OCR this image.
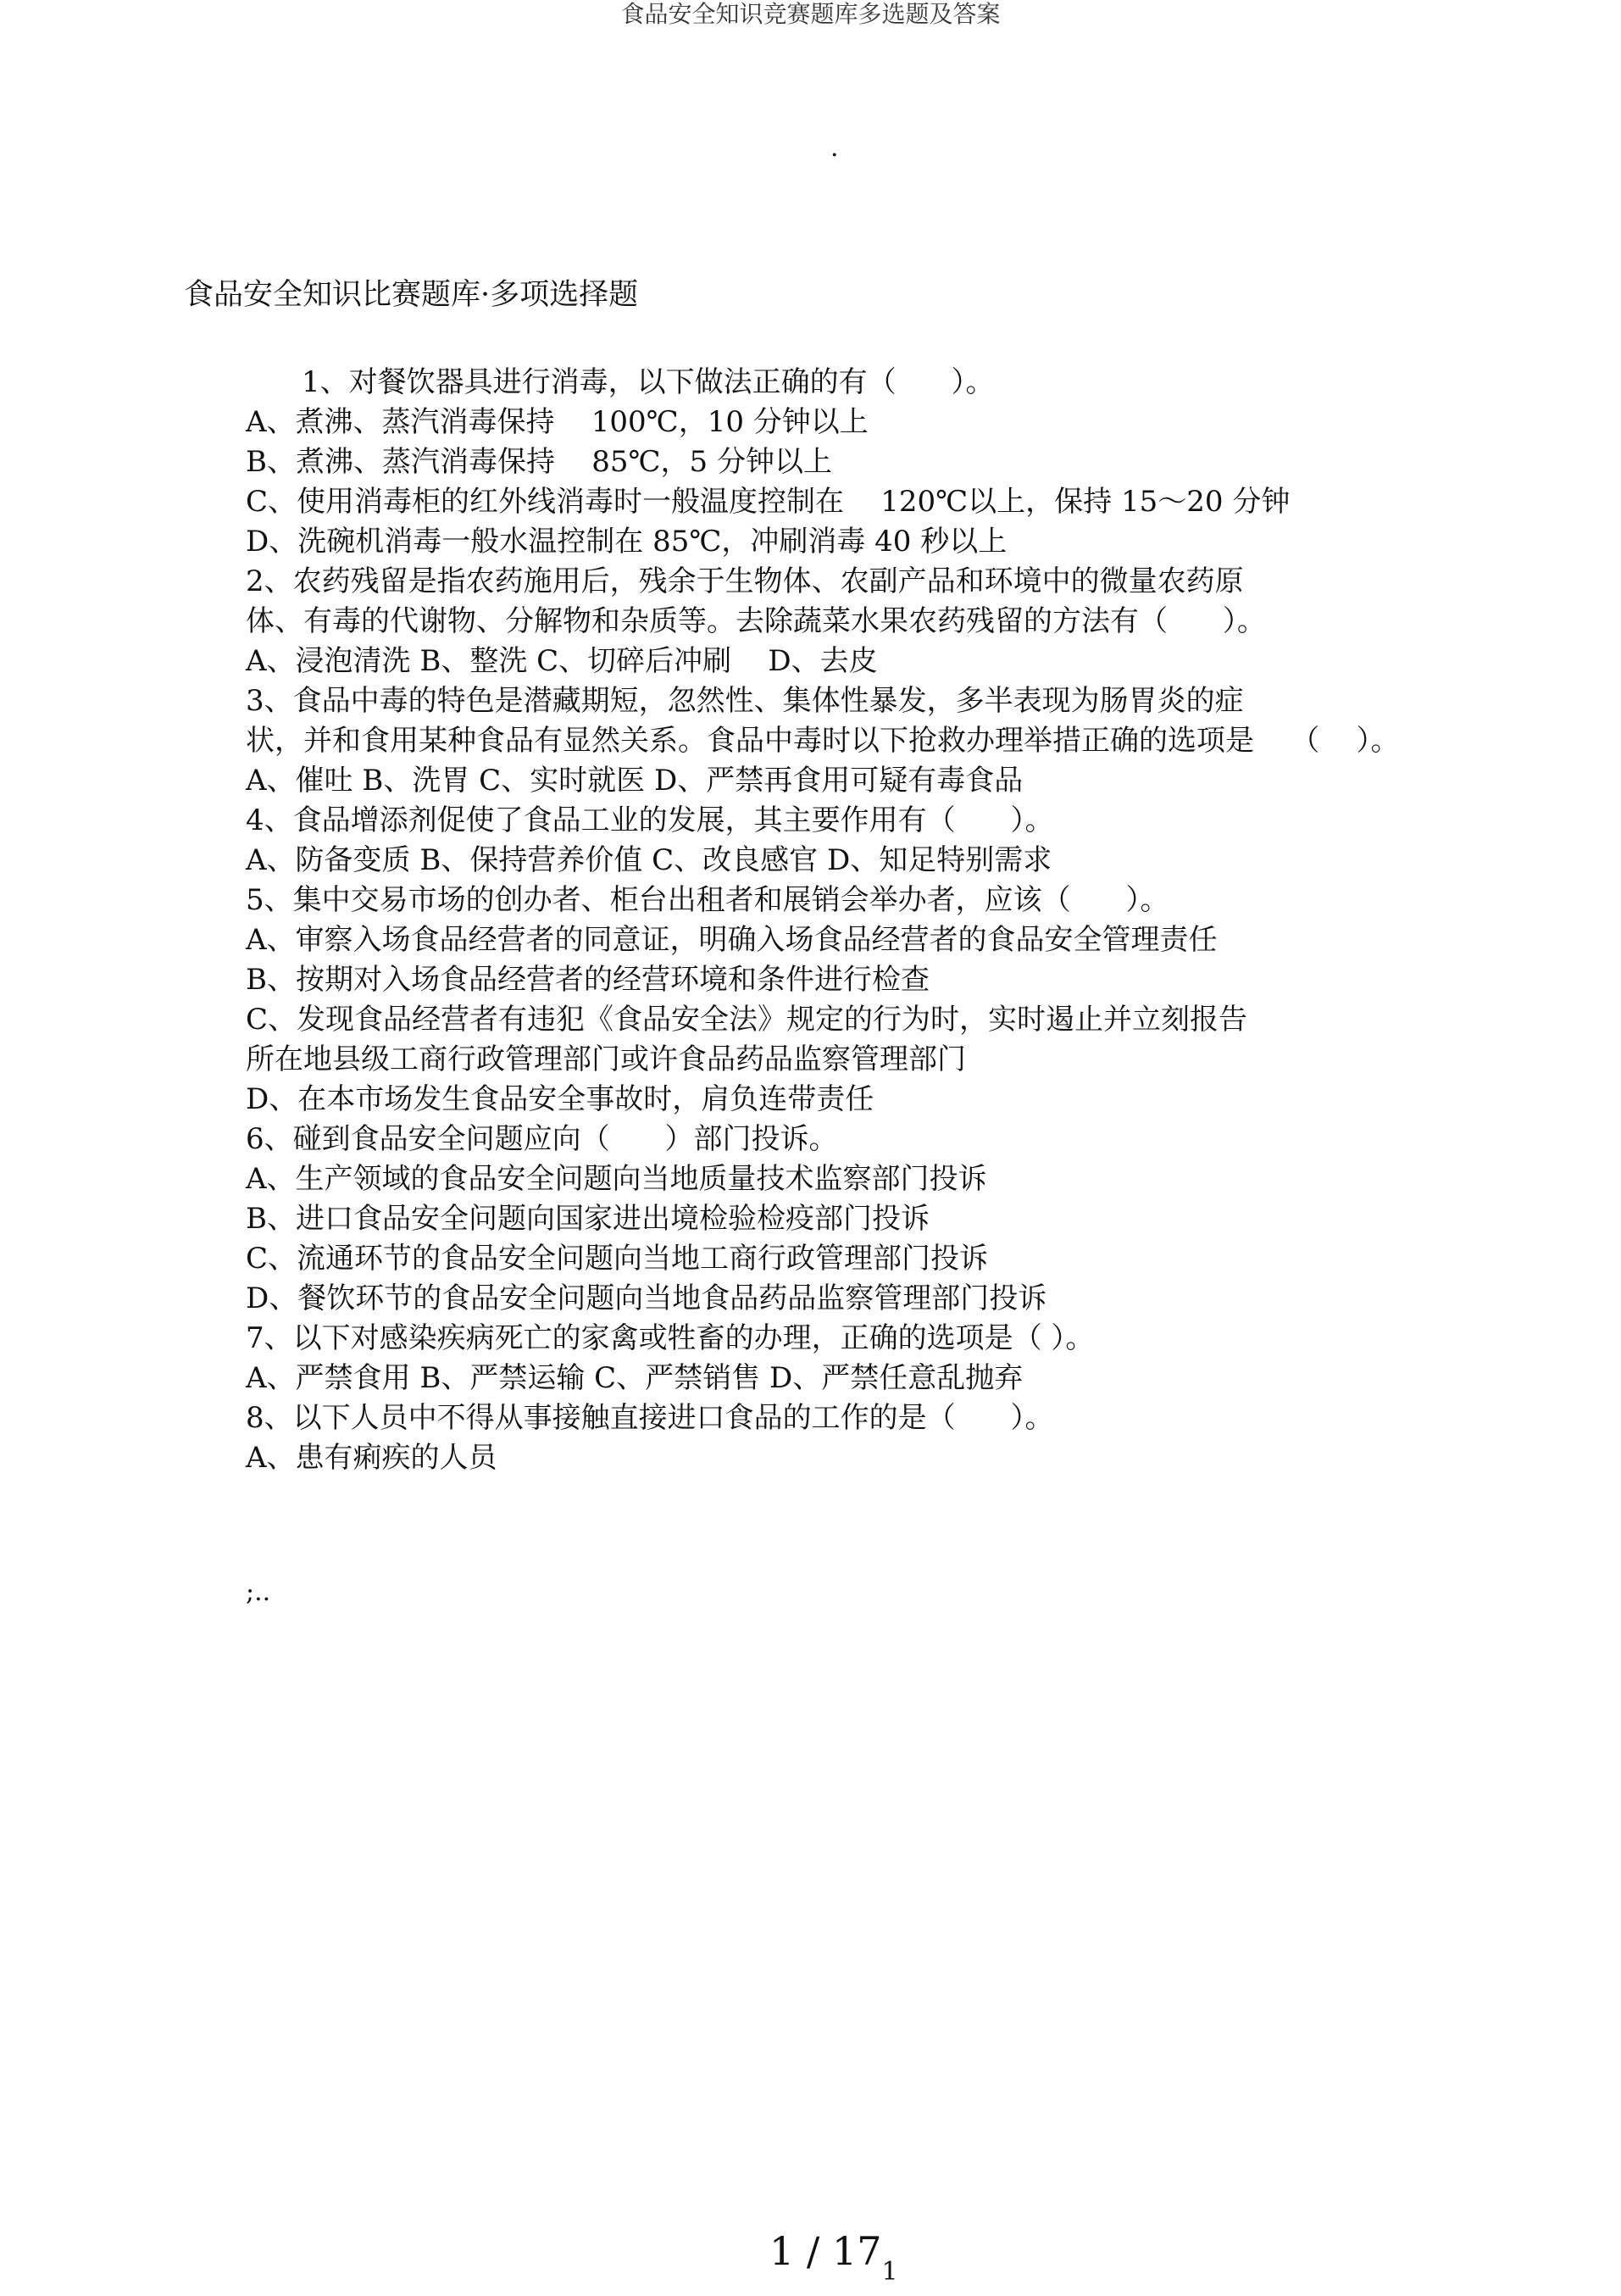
食品安全知识竞赛题库多选题及答案
.
食品安全知识比赛题库·多项选择题
1、对餐饮器具进行消毒，以下做法正确的有（      ）。
A、煮沸、蒸汽消毒保持    100℃，10 分钟以上
B、煮沸、蒸汽消毒保持    85℃，5 分钟以上
C、使用消毒柜的红外线消毒时一般温度控制在    120℃以上，保持 15～20 分钟
D、洗碗机消毒一般水温控制在 85℃，冲刷消毒 40 秒以上
2、农药残留是指农药施用后，残余于生物体、农副产品和环境中的微量农药原
体、有毒的代谢物、分解物和杂质等。去除蔬菜水果农药残留的方法有（      ）。
A、浸泡清洗 B、整洗 C、切碎后冲刷    D、去皮
3、食品中毒的特色是潜藏期短，忽然性、集体性暴发，多半表现为肠胃炎的症
状，并和食用某种食品有显然关系。食品中毒时以下抢救办理举措正确的选项是    （    ）。
A、催吐 B、洗胃 C、实时就医 D、严禁再食用可疑有毒食品
4、食品增添剂促使了食品工业的发展，其主要作用有（      ）。
A、防备变质 B、保持营养价值 C、改良感官 D、知足特别需求
5、集中交易市场的创办者、柜台出租者和展销会举办者，应该（      ）。
A、审察入场食品经营者的同意证，明确入场食品经营者的食品安全管理责任
B、按期对入场食品经营者的经营环境和条件进行检查
C、发现食品经营者有违犯《食品安全法》规定的行为时，实时遏止并立刻报告
所在地县级工商行政管理部门或许食品药品监察管理部门
D、在本市场发生食品安全事故时，肩负连带责任
6、碰到食品安全问题应向（      ）部门投诉。
A、生产领域的食品安全问题向当地质量技术监察部门投诉
B、进口食品安全问题向国家进出境检验检疫部门投诉
C、流通环节的食品安全问题向当地工商行政管理部门投诉
D、餐饮环节的食品安全问题向当地食品药品监察管理部门投诉
7、以下对感染疾病死亡的家禽或牲畜的办理，正确的选项是（ ）。
A、严禁食用 B、严禁运输 C、严禁销售 D、严禁任意乱抛弃
8、以下人员中不得从事接触直接进口食品的工作的是（      ）。
A、患有痢疾的人员
;..
$1 / 17_1$
